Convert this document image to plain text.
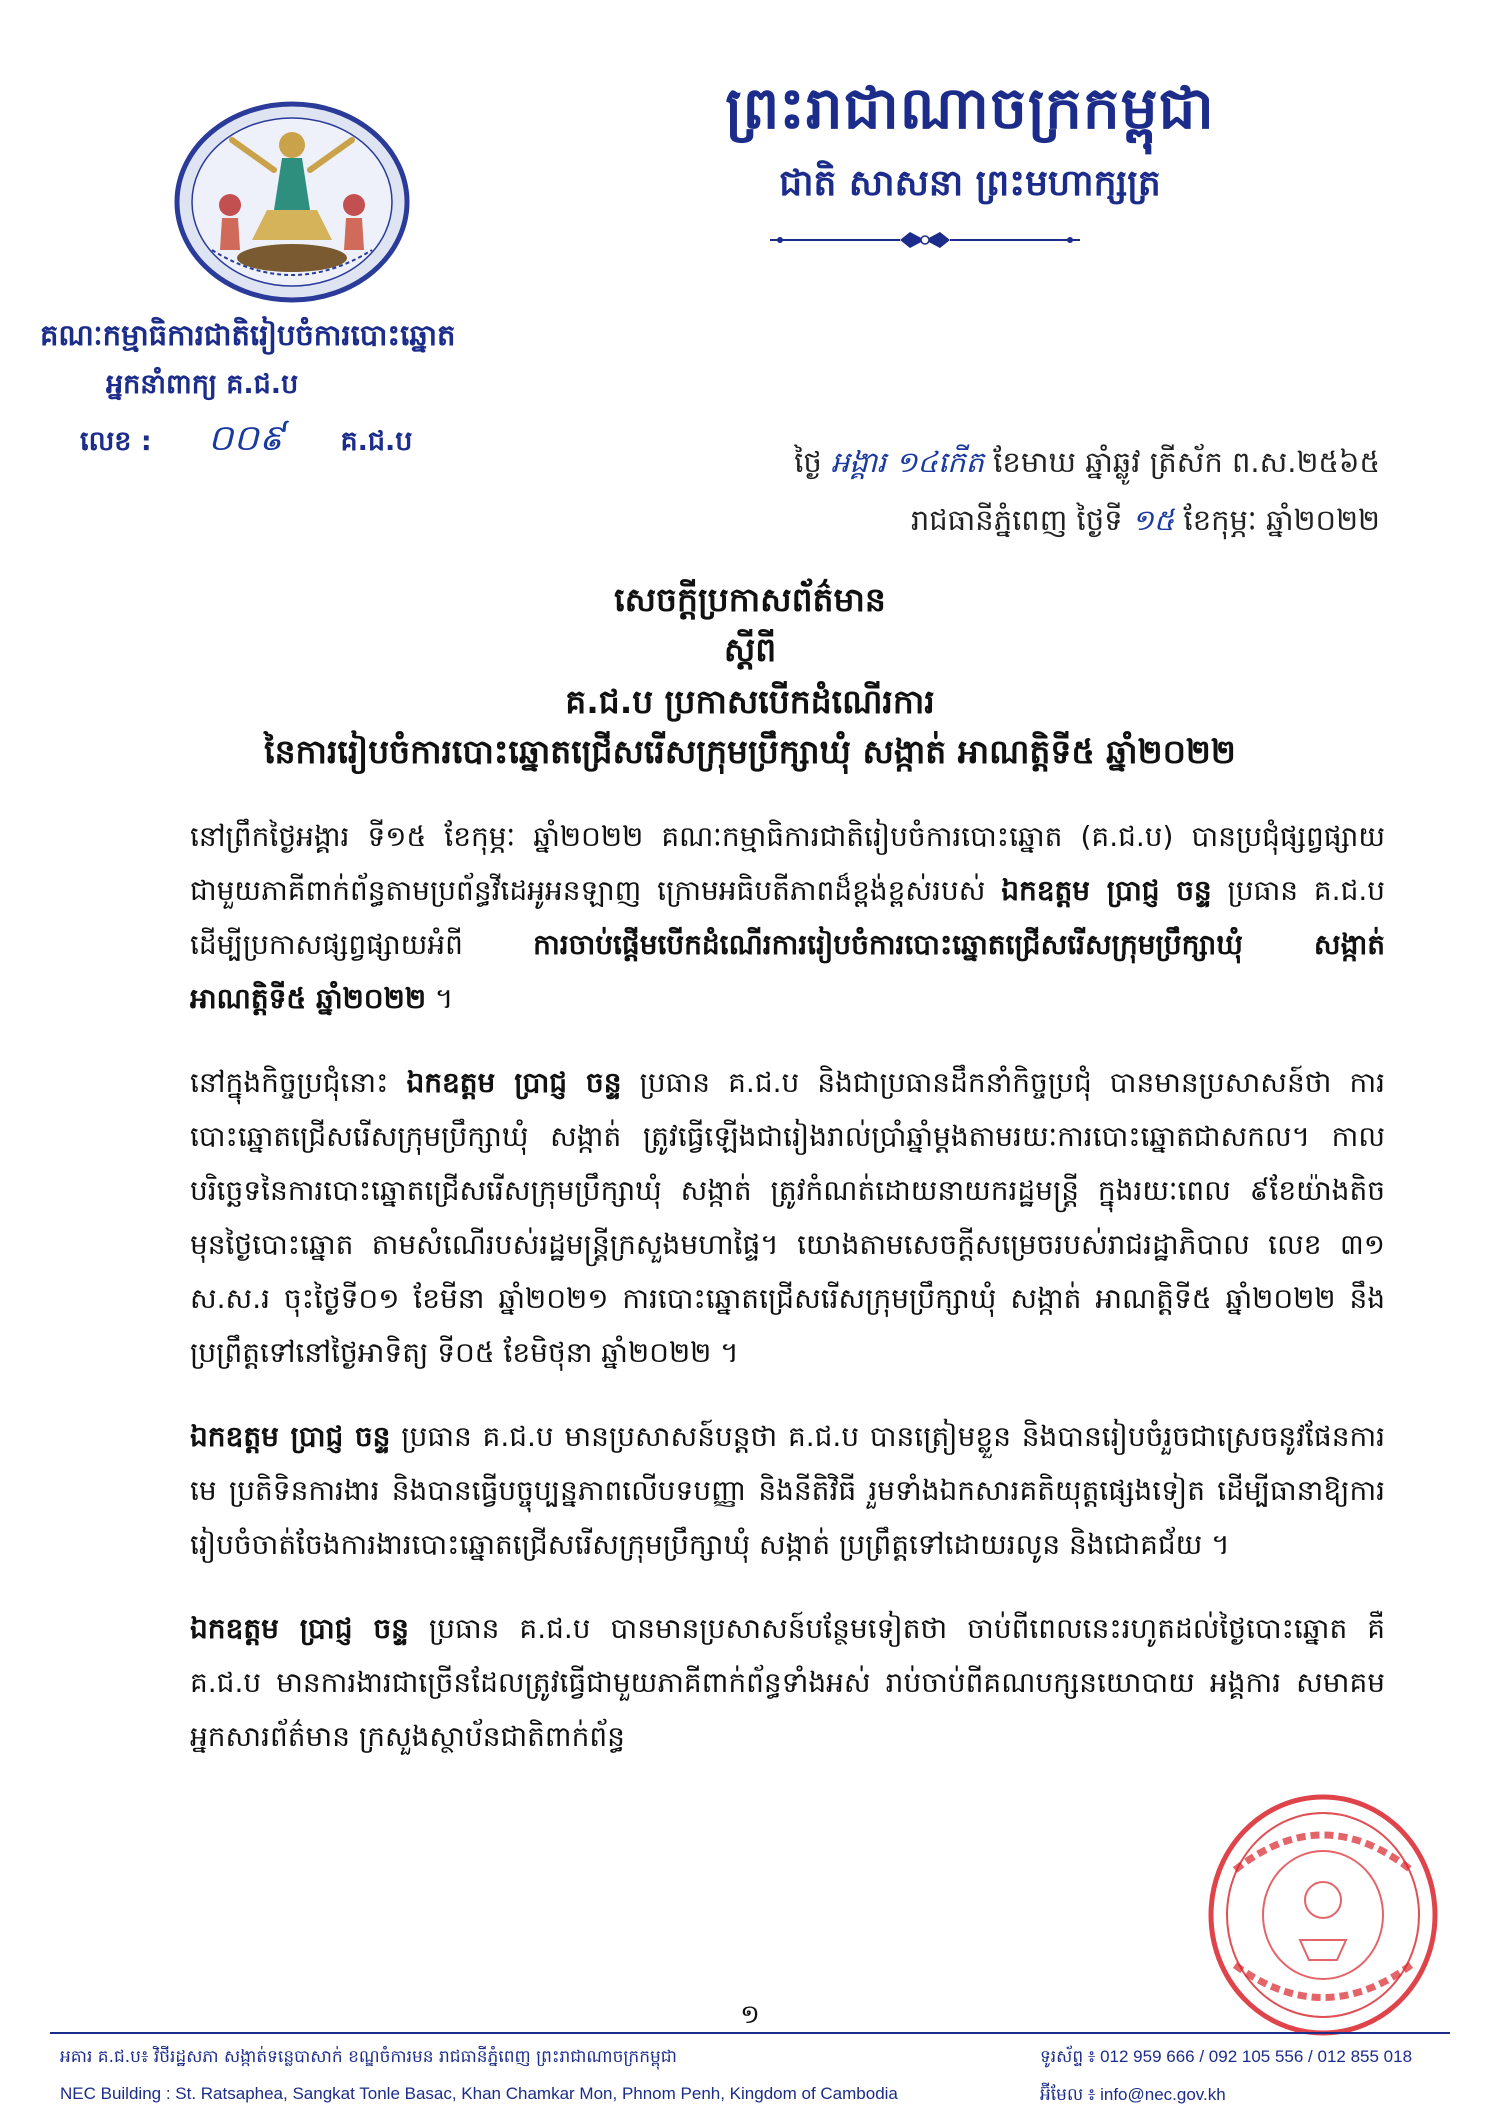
ព្រះរាជាណាចក្រកម្ពុជា
ជាតិ សាសនា ព្រះមហាក្សត្រ
គណៈកម្មាធិការជាតិរៀបចំការបោះឆ្នោត
អ្នកនាំពាក្យ គ.ជ.ប
លេខ : ០០៩ គ.ជ.ប
ថ្ងៃ អង្គារ ១៤កើត ខែមាឃ ឆ្នាំឆ្លូវ ត្រីស័ក ព.ស.២៥៦៥
រាជធានីភ្នំពេញ ថ្ងៃទី ១៥ ខែកុម្ភៈ ឆ្នាំ២០២២
សេចក្ដីប្រកាសព័ត៌មាន
ស្ដីពី
គ.ជ.ប ប្រកាសបើកដំណើរការ
នៃការរៀបចំការបោះឆ្នោតជ្រើសរើសក្រុមប្រឹក្សាឃុំ សង្កាត់ អាណត្តិទី៥ ឆ្នាំ២០២២

នៅព្រឹកថ្ងៃអង្គារ ទី១៥ ខែកុម្ភៈ ឆ្នាំ២០២២ គណៈកម្មាធិការជាតិរៀបចំការបោះឆ្នោត (គ.ជ.ប) បានប្រជុំផ្សព្វផ្សាយជាមួយភាគីពាក់ព័ន្ធតាមប្រព័ន្ធវីដេអូអនឡាញ ក្រោមអធិបតីភាពដ៏ខ្ពង់ខ្ពស់របស់ ឯកឧត្ដម ប្រាជ្ញ ចន្ទ ប្រធាន គ.ជ.ប ដើម្បីប្រកាសផ្សព្វផ្សាយអំពី ការចាប់ផ្ដើមបើកដំណើរការរៀបចំការបោះឆ្នោតជ្រើសរើសក្រុមប្រឹក្សាឃុំ សង្កាត់ អាណត្តិទី៥ ឆ្នាំ២០២២ ។

នៅក្នុងកិច្ចប្រជុំនោះ ឯកឧត្ដម ប្រាជ្ញ ចន្ទ ប្រធាន គ.ជ.ប និងជាប្រធានដឹកនាំកិច្ចប្រជុំ បានមានប្រសាសន៍ថា ការបោះឆ្នោតជ្រើសរើសក្រុមប្រឹក្សាឃុំ សង្កាត់ ត្រូវធ្វើឡើងជារៀងរាល់ប្រាំឆ្នាំម្ដងតាមរយៈការបោះឆ្នោតជាសកល។ កាលបរិច្ឆេទនៃការបោះឆ្នោតជ្រើសរើសក្រុមប្រឹក្សាឃុំ សង្កាត់ ត្រូវកំណត់ដោយនាយករដ្ឋមន្ត្រី ក្នុងរយៈពេល ៩ខែយ៉ាងតិច មុនថ្ងៃបោះឆ្នោត តាមសំណើរបស់រដ្ឋមន្ត្រីក្រសួងមហាផ្ទៃ។ យោងតាមសេចក្ដីសម្រេចរបស់រាជរដ្ឋាភិបាល លេខ ៣១ ស.ស.រ ចុះថ្ងៃទី០១ ខែមីនា ឆ្នាំ២០២១ ការបោះឆ្នោតជ្រើសរើសក្រុមប្រឹក្សាឃុំ សង្កាត់ អាណត្តិទី៥ ឆ្នាំ២០២២ នឹងប្រព្រឹត្តទៅនៅថ្ងៃអាទិត្យ ទី០៥ ខែមិថុនា ឆ្នាំ២០២២ ។

ឯកឧត្ដម ប្រាជ្ញ ចន្ទ ប្រធាន គ.ជ.ប មានប្រសាសន៍បន្តថា គ.ជ.ប បានត្រៀមខ្លួន និងបានរៀបចំរួចជាស្រេចនូវផែនការមេ ប្រតិទិនការងារ និងបានធ្វើបច្ចុប្បន្នភាពលើបទបញ្ញា និងនីតិវិធី រួមទាំងឯកសារគតិយុត្តផ្សេងទៀត ដើម្បីធានាឱ្យការរៀបចំចាត់ចែងការងារបោះឆ្នោតជ្រើសរើសក្រុមប្រឹក្សាឃុំ សង្កាត់ ប្រព្រឹត្តទៅដោយរលូន និងជោគជ័យ ។

ឯកឧត្ដម ប្រាជ្ញ ចន្ទ ប្រធាន គ.ជ.ប បានមានប្រសាសន៍បន្ថែមទៀតថា ចាប់ពីពេលនេះរហូតដល់ថ្ងៃបោះឆ្នោត គឺ គ.ជ.ប មានការងារជាច្រើនដែលត្រូវធ្វើជាមួយភាគីពាក់ព័ន្ធទាំងអស់ រាប់ចាប់ពីគណបក្សនយោបាយ អង្គការ សមាគម អ្នកសារព័ត៌មាន ក្រសួងស្ថាប័នជាតិពាក់ព័ន្ធ

១
អគារ គ.ជ.ប៖ វិថីរដ្ឋសភា សង្កាត់ទន្លេបាសាក់ ខណ្ឌចំការមន រាជធានីភ្នំពេញ ព្រះរាជាណាចក្រកម្ពុជា
NEC Building : St. Ratsaphea, Sangkat Tonle Basac, Khan Chamkar Mon, Phnom Penh, Kingdom of Cambodia
ទូរស័ព្ទ ៖ 012 959 666 / 092 105 556 / 012 855 018
អ៊ីមែល ៖ info@nec.gov.kh
